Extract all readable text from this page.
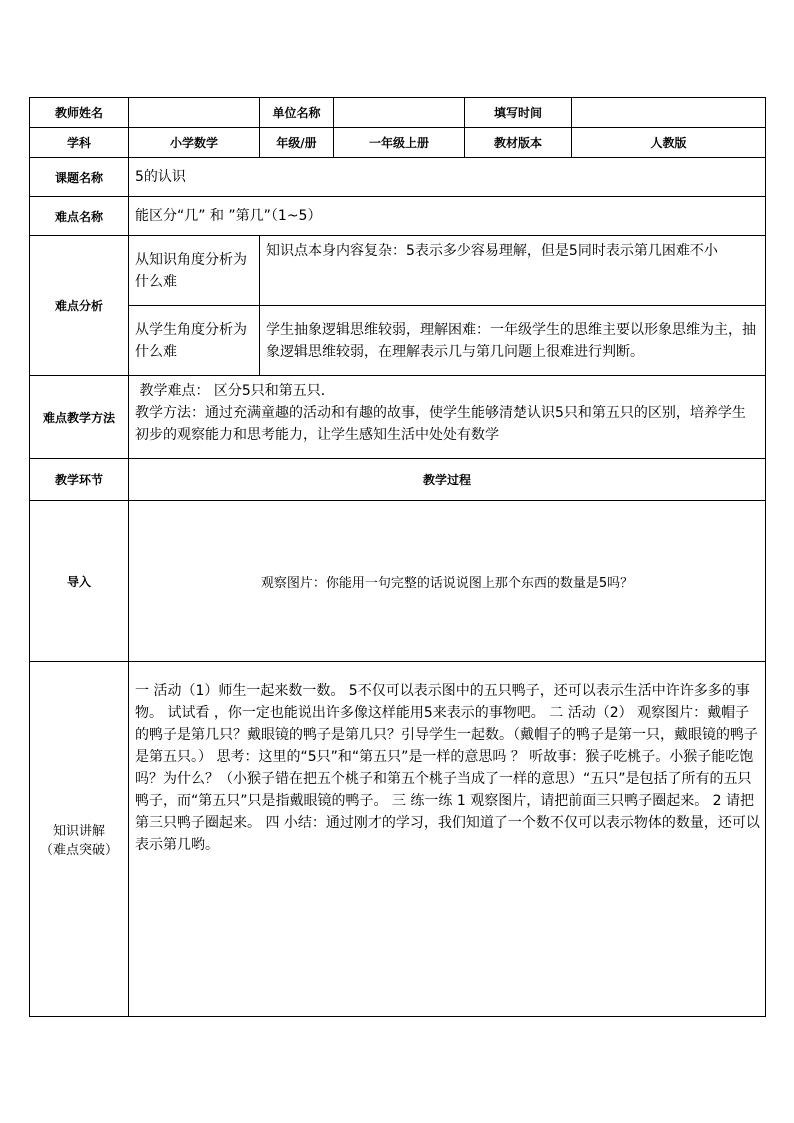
教师姓名		单位名称		填写时间	
学科	小学数学	年级/册	一年级上册	教材版本	人教版
课题名称	5的认识				
难点名称	能区分“几” 和 ”第几”（1~5）				
难点分析	从知识角度分析为什么难	知识点本身内容复杂：5表示多少容易理解，但是5同时表示第几困难不小			
	从学生角度分析为什么难	学生抽象逻辑思维较弱，理解困难：一年级学生的思维主要以形象思维为主，抽象逻辑思维较弱，在理解表示几与第几问题上很难进行判断。			
难点教学方法	教学难点： 区分5只和第五只．
教学方法：通过充满童趣的活动和有趣的故事，使学生能够清楚认识5只和第五只的区别，培养学生初步的观察能力和思考能力，让学生感知生活中处处有数学				

教学环节	教学过程				
导入	观察图片：你能用一句完整的话说说图上那个东西的数量是5吗？				

知识讲解
（难点突破）	一 活动（1）师生一起来数一数。 5不仅可以表示图中的五只鸭子，还可以表示生活中许许多多的事物。 试试看 ，你一定也能说出许多像这样能用5来表示的事物吧。 二 活动（2） 观察图片：戴帽子的鸭子是第几只？戴眼镜的鸭子是第几只？引导学生一起数。（戴帽子的鸭子是第一只，戴眼镜的鸭子是第五只。） 思考：这里的“5只”和“第五只”是一样的意思吗 ？ 听故事：猴子吃桃子。小猴子能吃饱吗？为什么？（小猴子错在把五个桃子和第五个桃子当成了一样的意思）“五只”是包括了所有的五只鸭子，而“第五只”只是指戴眼镜的鸭子。 三 练一练 1 观察图片，请把前面三只鸭子圈起来。 2 请把第三只鸭子圈起来。 四 小结：通过刚才的学习，我们知道了一个数不仅可以表示物体的数量，还可以表示第几哟。				
